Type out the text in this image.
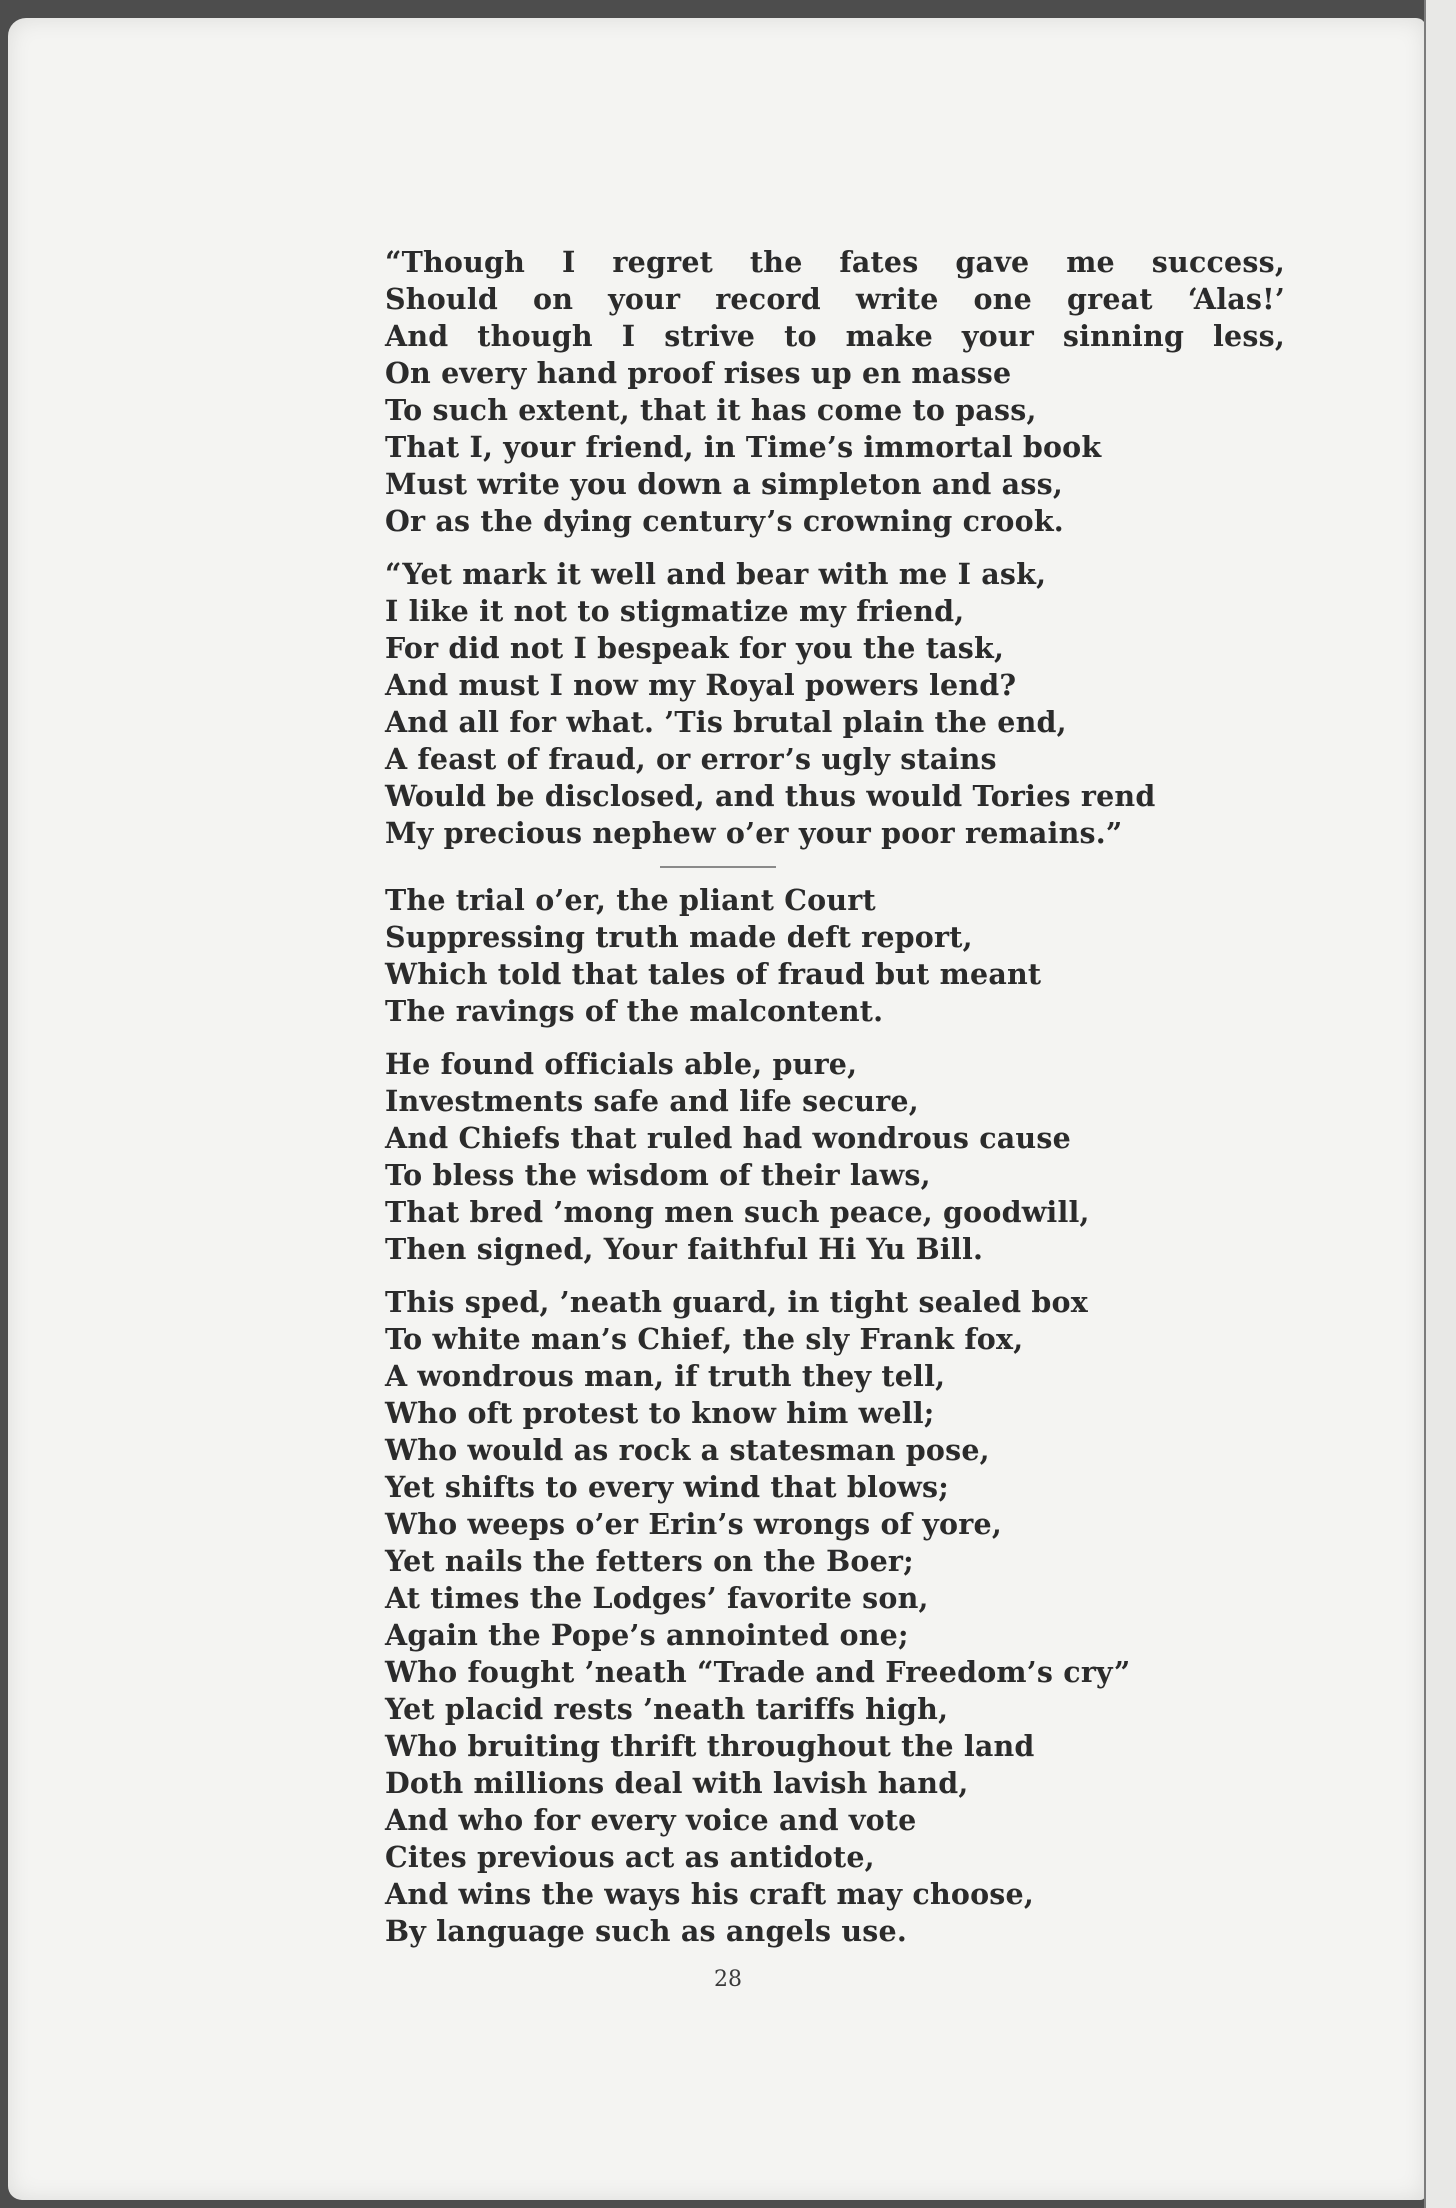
“Though I regret the fates gave me success,
Should on your record write one great ‘Alas!’
And though I strive to make your sinning less,
On every hand proof rises up en masse
To such extent, that it has come to pass,
That I, your friend, in Time’s immortal book
Must write you down a simpleton and ass,
Or as the dying century’s crowning crook.
“Yet mark it well and bear with me I ask,
I like it not to stigmatize my friend,
For did not I bespeak for you the task,
And must I now my Royal powers lend?
And all for what. ’Tis brutal plain the end,
A feast of fraud, or error’s ugly stains
Would be disclosed, and thus would Tories rend
My precious nephew o’er your poor remains.”
The trial o’er, the pliant Court
Suppressing truth made deft report,
Which told that tales of fraud but meant
The ravings of the malcontent.
He found officials able, pure,
Investments safe and life secure,
And Chiefs that ruled had wondrous cause
To bless the wisdom of their laws,
That bred ’mong men such peace, goodwill,
Then signed, Your faithful Hi Yu Bill.
This sped, ’neath guard, in tight sealed box
To white man’s Chief, the sly Frank fox,
A wondrous man, if truth they tell,
Who oft protest to know him well;
Who would as rock a statesman pose,
Yet shifts to every wind that blows;
Who weeps o’er Erin’s wrongs of yore,
Yet nails the fetters on the Boer;
At times the Lodges’ favorite son,
Again the Pope’s annointed one;
Who fought ’neath “Trade and Freedom’s cry”
Yet placid rests ’neath tariffs high,
Who bruiting thrift throughout the land
Doth millions deal with lavish hand,
And who for every voice and vote
Cites previous act as antidote,
And wins the ways his craft may choose,
By language such as angels use.
28
